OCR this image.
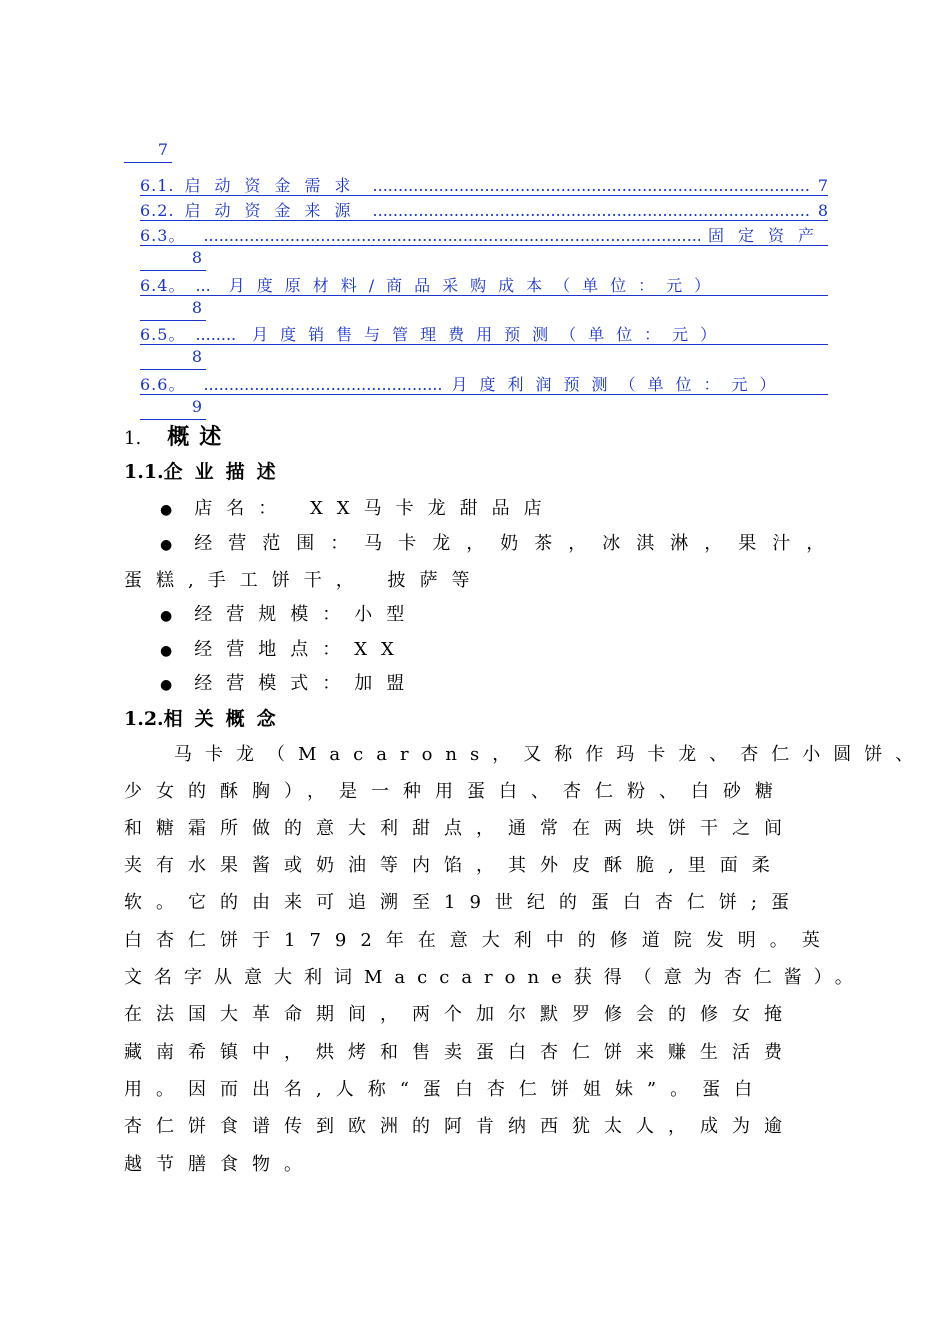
7
6.1. 启动资金需求 .....	7
6.2. 启动资金来源 .....	8
6.3。 .....	固定资产
8
6.4。 ... 月度原材料/商品采购成本（单位：元）
8
6.5。 ........ 月度销售与管理费用预测（单位：元）
8
6.6。 .....	月度利润预测（单位：元）
9
1. 概述
1.1.企业描述
● 店名： XX马卡龙甜品店
● 经营范围：马卡龙，奶茶，冰淇淋，果汁，
蛋糕,手工饼干， 披萨等
● 经营规模：小型
● 经营地点：XX
● 经营模式：加盟
1.2.相关概念
马卡龙（Macarons，又称作玛卡龙、杏仁小圆饼、
少女的酥胸），是一种用蛋白、杏仁粉、白砂糖
和糖霜所做的意大利甜点，通常在两块饼干之间
夹有水果酱或奶油等内馅，其外皮酥脆,里面柔
软。它的由来可追溯至19世纪的蛋白杏仁饼;蛋
白杏仁饼于1792年在意大利中的修道院发明。英
文名字从意大利词Maccarone获得（意为杏仁酱）。
在法国大革命期间，两个加尔默罗修会的修女掩
藏南希镇中，烘烤和售卖蛋白杏仁饼来赚生活费
用。因而出名,人称“蛋白杏仁饼姐妹”。蛋白
杏仁饼食谱传到欧洲的阿肯纳西犹太人，成为逾
越节膳食物。
